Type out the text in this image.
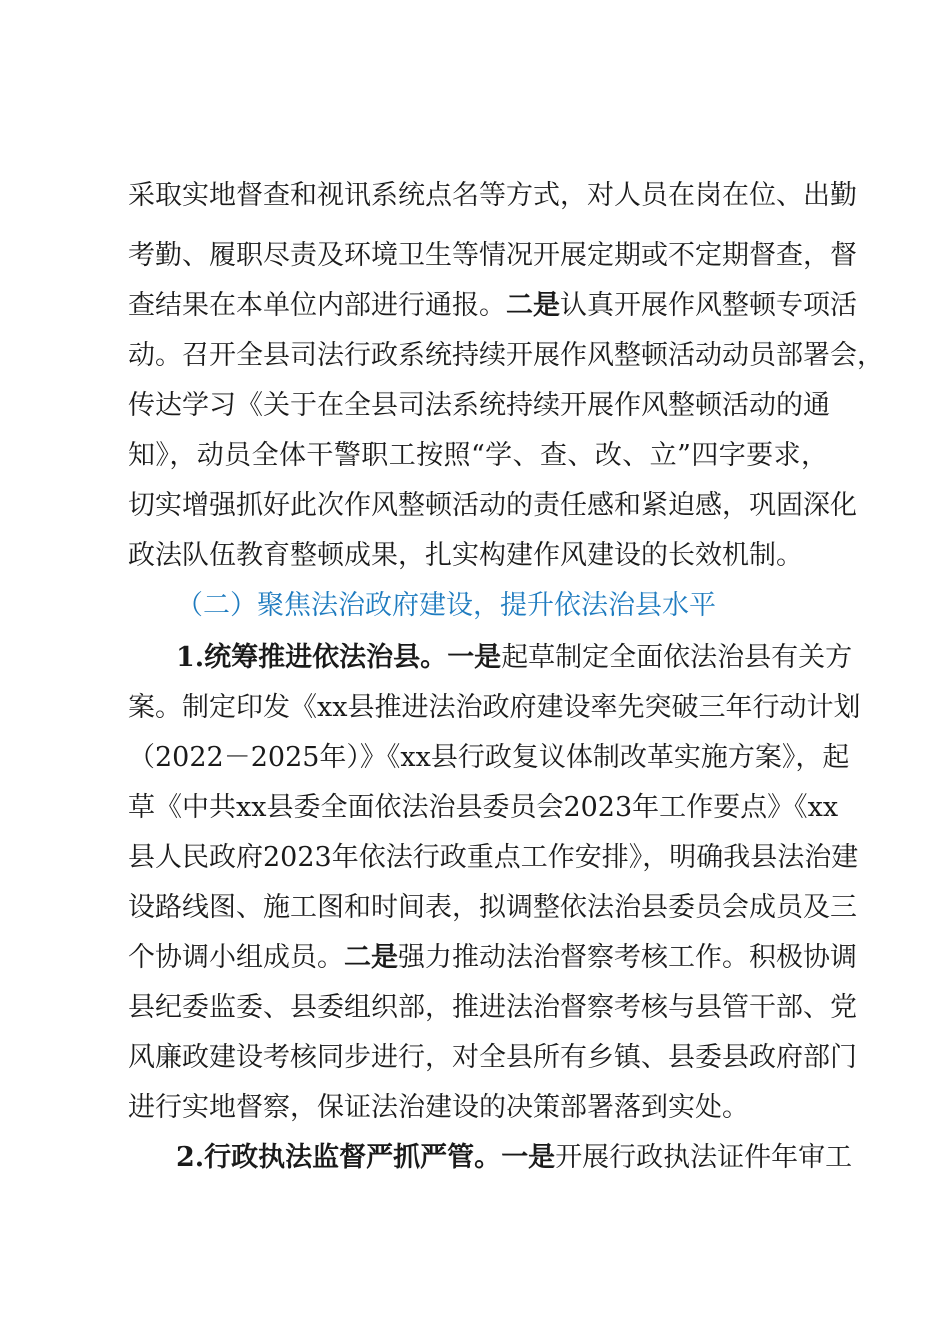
采取实地督查和视讯系统点名等方式，对人员在岗在位、出勤
考勤、履职尽责及环境卫生等情况开展定期或不定期督查，督
查结果在本单位内部进行通报。二是认真开展作风整顿专项活
动。召开全县司法行政系统持续开展作风整顿活动动员部署会，
传达学习《关于在全县司法系统持续开展作风整顿活动的通
知》，动员全体干警职工按照“学、查、改、立”四字要求，
切实增强抓好此次作风整顿活动的责任感和紧迫感，巩固深化
政法队伍教育整顿成果，扎实构建作风建设的长效机制。
（二）聚焦法治政府建设，提升依法治县水平
1.统筹推进依法治县。一是起草制定全面依法治县有关方
案。制定印发《xx县推进法治政府建设率先突破三年行动计划
（2022－2025年）》《xx县行政复议体制改革实施方案》，起
草《中共xx县委全面依法治县委员会2023年工作要点》《xx
县人民政府2023年依法行政重点工作安排》，明确我县法治建
设路线图、施工图和时间表，拟调整依法治县委员会成员及三
个协调小组成员。二是强力推动法治督察考核工作。积极协调
县纪委监委、县委组织部，推进法治督察考核与县管干部、党
风廉政建设考核同步进行，对全县所有乡镇、县委县政府部门
进行实地督察，保证法治建设的决策部署落到实处。
2.行政执法监督严抓严管。一是开展行政执法证件年审工
